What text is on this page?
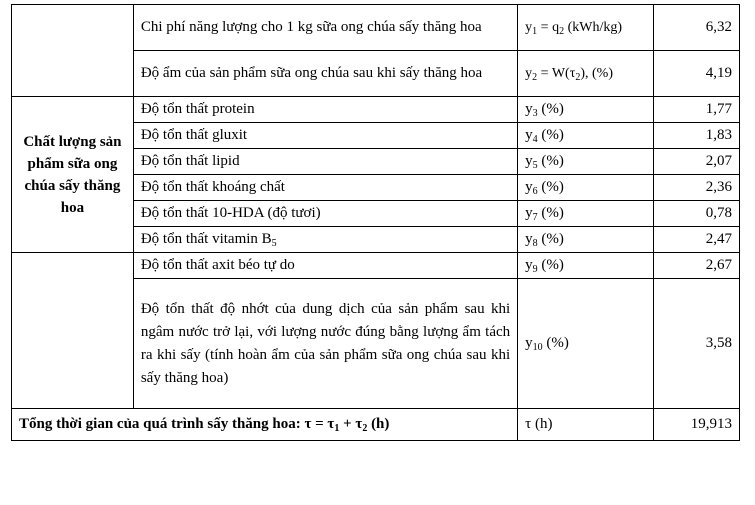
	Chi phí năng lượng cho 1 kg sữa ong chúa sấy thăng hoa	$y_1 = q_2$ (kWh/kg)	6,32
	Độ ẩm của sản phẩm sữa ong chúa sau khi sấy thăng hoa	$y_2 = W(\tau_2)$, (%)	4,19
Chất lượng sản phẩm sữa ong chúa sấy thăng hoa	Độ tổn thất protein	$y_3$ (%)	1,77
	Độ tổn thất gluxit	$y_4$ (%)	1,83
	Độ tổn thất lipid	$y_5$ (%)	2,07
	Độ tổn thất khoáng chất	$y_6$ (%)	2,36
	Độ tổn thất 10-HDA (độ tươi)	$y_7$ (%)	0,78
	Độ tổn thất vitamin $B_5$	$y_8$ (%)	2,47
	Độ tổn thất axit béo tự do	$y_9$ (%)	2,67
	Độ tổn thất độ nhớt của dung dịch của sản phẩm sau khi ngâm nước trở lại, với lượng nước đúng bằng lượng ẩm tách ra khi sấy (tính hoàn ẩm của sản phẩm sữa ong chúa sau khi sấy thăng hoa)	$y_{10}$ (%)	3,58
Tổng thời gian của quá trình sấy thăng hoa: $\tau = \tau_1 + \tau_2$ (h)		τ (h)	19,913
